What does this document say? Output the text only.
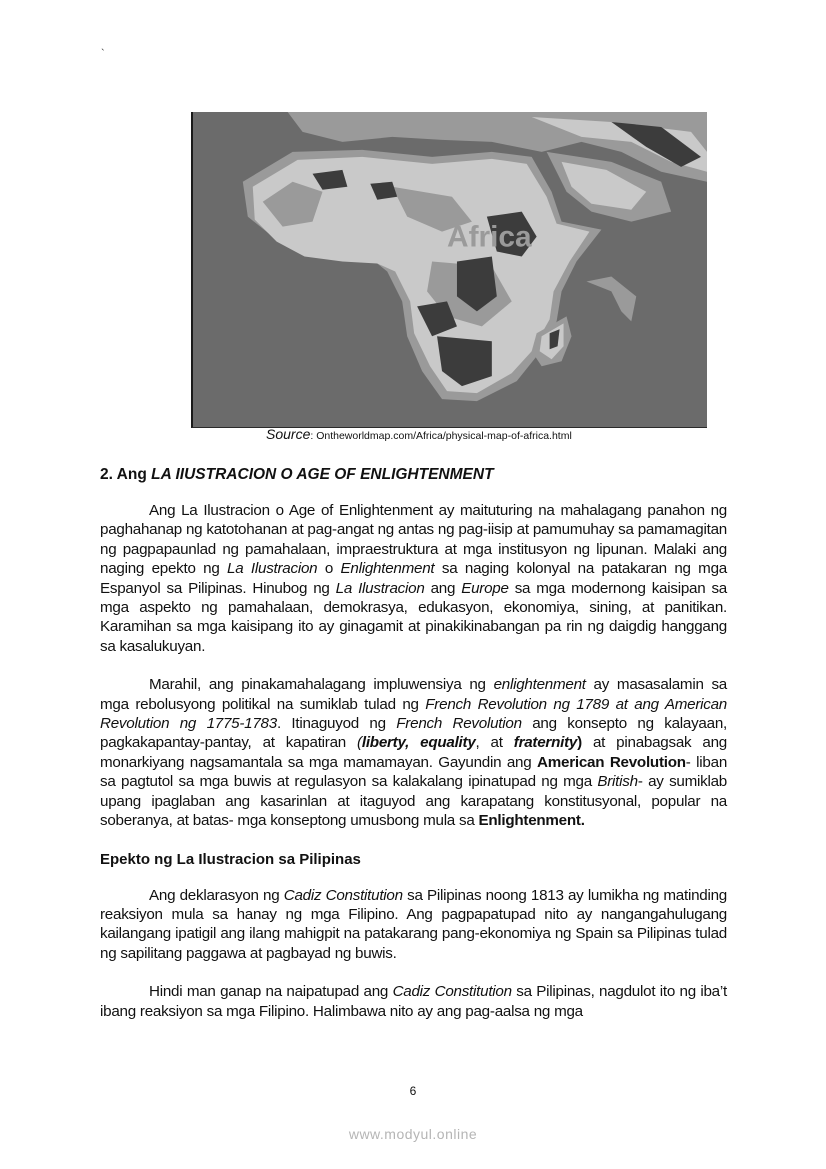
`
Africa
Source: Ontheworldmap.com/Africa/physical-map-of-africa.html
2. Ang LA IIUSTRACION O AGE OF ENLIGHTENMENT

Ang La Ilustracion o Age of Enlightenment ay maituturing na mahalagang panahon ng paghahanap ng katotohanan at pag-angat ng antas ng pag-iisip at pamumuhay sa pamamagitan ng pagpapaunlad ng pamahalaan, impraestruktura at mga institusyon ng lipunan. Malaki ang naging epekto ng La Ilustracion o Enlightenment sa naging kolonyal na patakaran ng mga Espanyol sa Pilipinas. Hinubog ng La Ilustracion ang Europe sa mga modernong kaisipan sa mga aspekto ng pamahalaan, demokrasya, edukasyon, ekonomiya, sining, at panitikan. Karamihan sa mga kaisipang ito ay ginagamit at pinakikinabangan pa rin ng daigdig hanggang sa kasalukuyan.

Marahil, ang pinakamahalagang impluwensiya ng enlightenment ay masasalamin sa mga rebolusyong politikal na sumiklab tulad ng French Revolution ng 1789 at ang American Revolution ng 1775-1783. Itinaguyod ng French Revolution ang konsepto ng kalayaan, pagkakapantay-pantay, at kapatiran (liberty, equality, at fraternity) at pinabagsak ang monarkiyang nagsamantala sa mga mamamayan. Gayundin ang American Revolution- liban sa pagtutol sa mga buwis at regulasyon sa kalakalang ipinatupad ng mga British- ay sumiklab upang ipaglaban ang kasarinlan at itaguyod ang karapatang konstitusyonal, popular na soberanya, at batas- mga konseptong umusbong mula sa Enlightenment.

Epekto ng La Ilustracion sa Pilipinas

Ang deklarasyon ng Cadiz Constitution sa Pilipinas noong 1813 ay lumikha ng matinding reaksiyon mula sa hanay ng mga Filipino. Ang pagpapatupad nito ay nangangahulugang kailangang ipatigil ang ilang mahigpit na patakarang pang-ekonomiya ng Spain sa Pilipinas tulad ng sapilitang paggawa at pagbayad ng buwis.

Hindi man ganap na naipatupad ang Cadiz Constitution sa Pilipinas, nagdulot ito ng iba’t ibang reaksiyon sa mga Filipino. Halimbawa nito ay ang pag-aalsa ng mga

6
www.modyul.online
